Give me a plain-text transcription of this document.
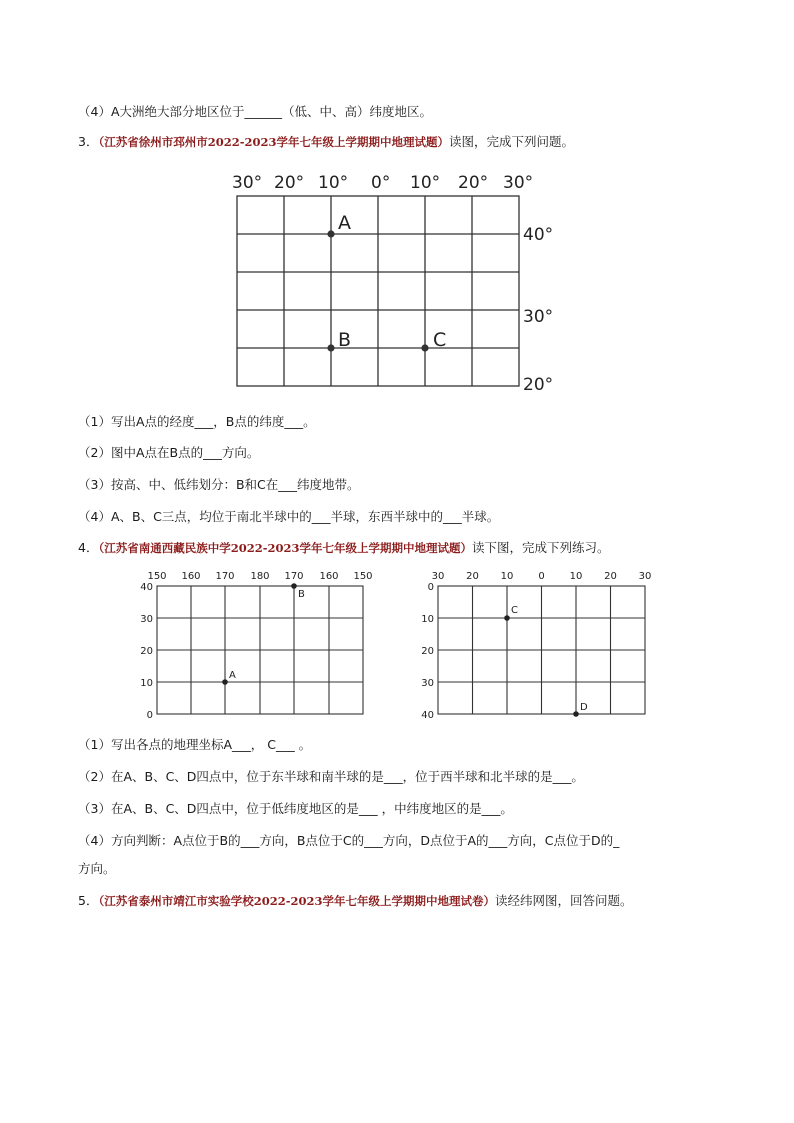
（4）A大洲绝大部分地区位于______（低、中、高）纬度地区。
3．（江苏省徐州市邳州市2022-2023学年七年级上学期期中地理试题）读图，完成下列问题。
30° 20° 10° 0° 10° 20° 30°
40°
30°
20°
A
B	C
（1）写出A点的经度___，B点的纬度___。
（2）图中A点在B点的___方向。
（3）按高、中、低纬划分：B和C在___纬度地带。
（4）A、B、C三点，均位于南北半球中的___半球，东西半球中的___半球。
4．（江苏省南通西藏民族中学2022-2023学年七年级上学期期中地理试题）读下图，完成下列练习。
150 160 170 180 170 160 150
40
30
20
10
0
A
B
30 20 10 0 10 20 30
0
10
20
30
40
C
D
（1）写出各点的地理坐标A___， C___ 。
（2）在A、B、C、D四点中，位于东半球和南半球的是___，位于西半球和北半球的是___。
（3）在A、B、C、D四点中，位于低纬度地区的是___ ，中纬度地区的是___。
（4）方向判断：A点位于B的___方向，B点位于C的___方向，D点位于A的___方向，C点位于D的_
方向。
5．（江苏省泰州市靖江市实验学校2022-2023学年七年级上学期期中地理试卷）读经纬网图，回答问题。
